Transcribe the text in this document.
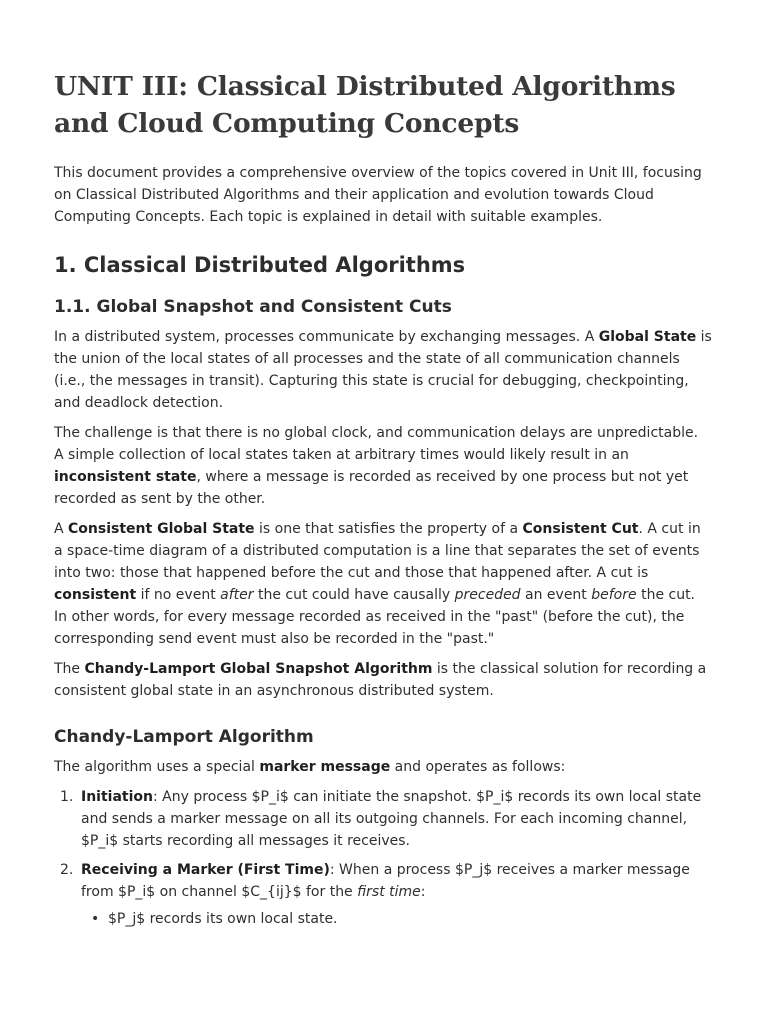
UNIT III: Classical Distributed Algorithms and Cloud Computing Concepts

This document provides a comprehensive overview of the topics covered in Unit III, focusing on Classical Distributed Algorithms and their application and evolution towards Cloud Computing Concepts. Each topic is explained in detail with suitable examples.

1. Classical Distributed Algorithms
1.1. Global Snapshot and Consistent Cuts

In a distributed system, processes communicate by exchanging messages. A Global State is the union of the local states of all processes and the state of all communication channels (i.e., the messages in transit). Capturing this state is crucial for debugging, checkpointing, and deadlock detection.

The challenge is that there is no global clock, and communication delays are unpredictable. A simple collection of local states taken at arbitrary times would likely result in an inconsistent state, where a message is recorded as received by one process but not yet recorded as sent by the other.

A Consistent Global State is one that satisfies the property of a Consistent Cut. A cut in a space-time diagram of a distributed computation is a line that separates the set of events into two: those that happened before the cut and those that happened after. A cut is consistent if no event after the cut could have causally preceded an event before the cut. In other words, for every message recorded as received in the "past" (before the cut), the corresponding send event must also be recorded in the "past."

The Chandy-Lamport Global Snapshot Algorithm is the classical solution for recording a consistent global state in an asynchronous distributed system.

Chandy-Lamport Algorithm

The algorithm uses a special marker message and operates as follows:

1. Initiation: Any process $P_i$ can initiate the snapshot. $P_i$ records its own local state and sends a marker message on all its outgoing channels. For each incoming channel, $P_i$ starts recording all messages it receives.
2. Receiving a Marker (First Time): When a process $P_j$ receives a marker message from $P_i$ on channel $C_{ij}$ for the first time:
• $P_j$ records its own local state.
